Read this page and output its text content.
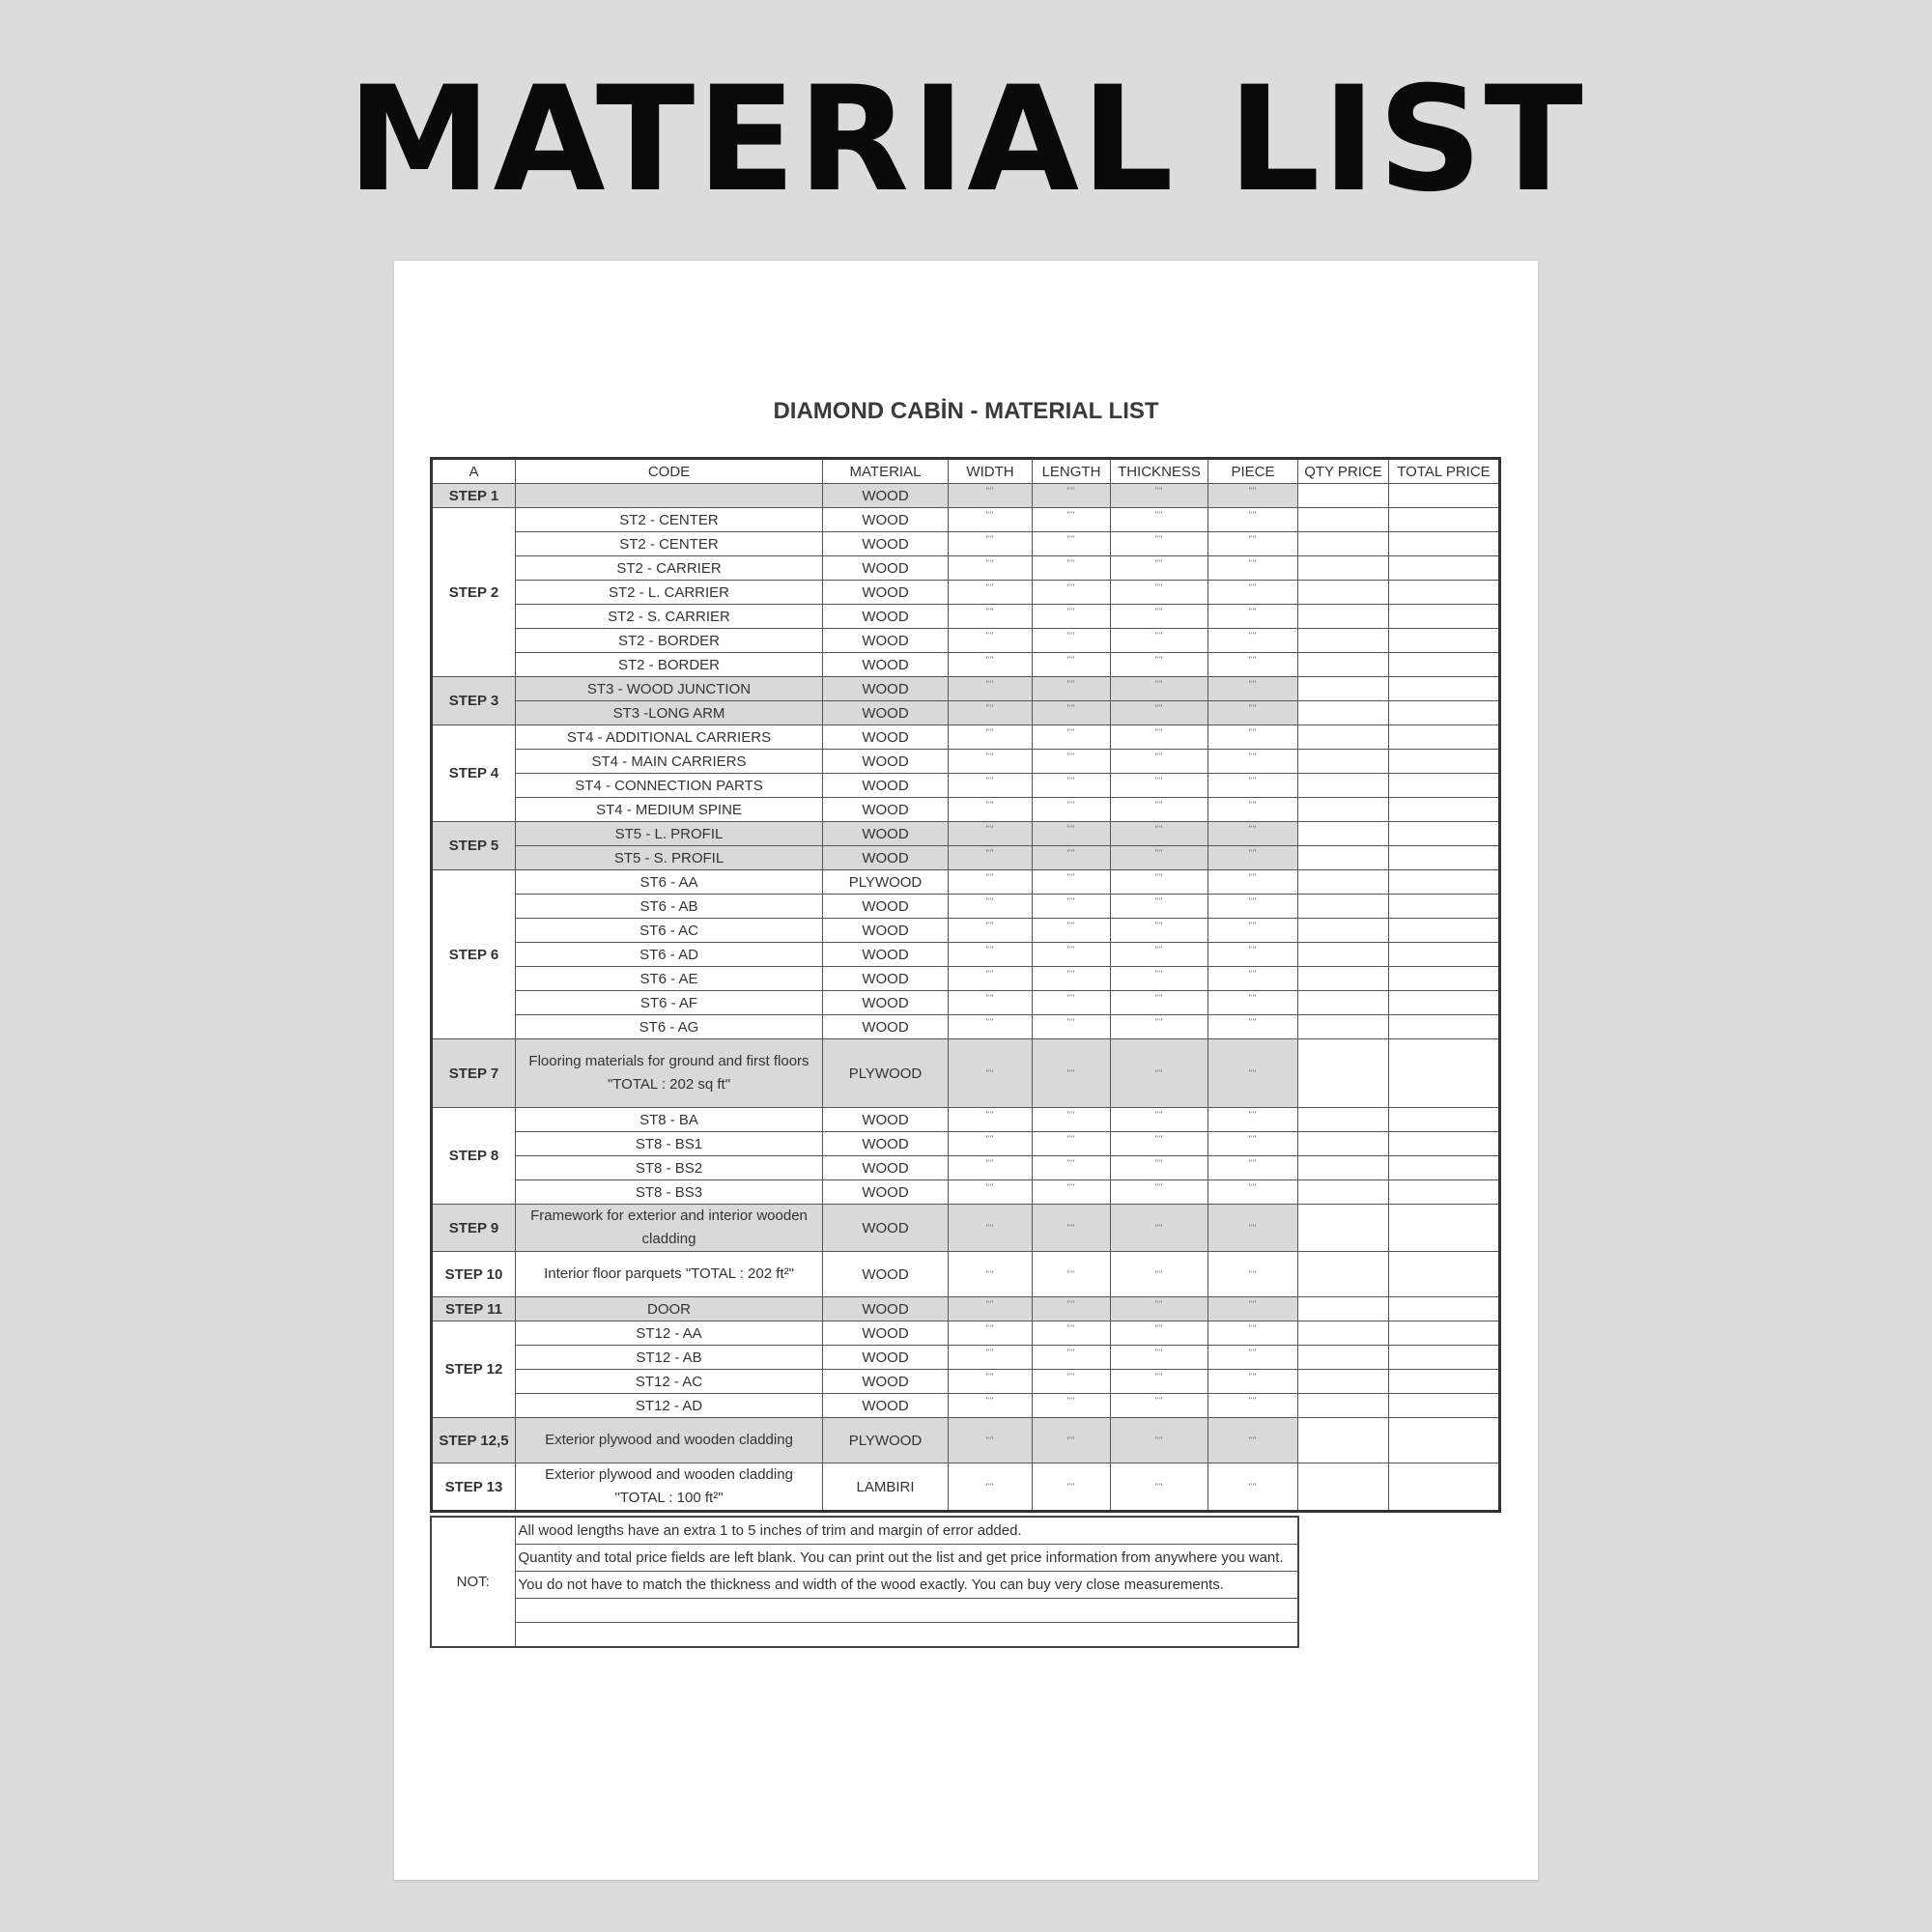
MATERIAL LIST
DIAMOND CABİN - MATERIAL LIST
A	CODE	MATERIAL	WIDTH	LENGTH	THICKNESS	PIECE	QTY PRICE	TOTAL PRICE
STEP 1		WOOD	""	""	""	""		
STEP 2	ST2 - CENTER	WOOD	""	""	""	""		
	ST2 - CENTER	WOOD	""	""	""	""		
	ST2 - CARRIER	WOOD	""	""	""	""		
	ST2 - L. CARRIER	WOOD	""	""	""	""		
	ST2 - S. CARRIER	WOOD	""	""	""	""		
	ST2 - BORDER	WOOD	""	""	""	""		
	ST2 - BORDER	WOOD	""	""	""	""		
STEP 3	ST3 - WOOD JUNCTION	WOOD	""	""	""	""		
	ST3 -LONG ARM	WOOD	""	""	""	""		
STEP 4	ST4 - ADDITIONAL CARRIERS	WOOD	""	""	""	""		
	ST4 - MAIN CARRIERS	WOOD	""	""	""	""		
	ST4 - CONNECTION PARTS	WOOD	""	""	""	""		
	ST4 - MEDIUM SPINE	WOOD	""	""	""	""		
STEP 5	ST5 - L. PROFIL	WOOD	""	""	""	""		
	ST5 - S. PROFIL	WOOD	""	""	""	""		
STEP 6	ST6 - AA	PLYWOOD	""	""	""	""		
	ST6 - AB	WOOD	""	""	""	""		
	ST6 - AC	WOOD	""	""	""	""		
	ST6 - AD	WOOD	""	""	""	""		
	ST6 - AE	WOOD	""	""	""	""		
	ST6 - AF	WOOD	""	""	""	""		
	ST6 - AG	WOOD	""	""	""	""		
STEP 7	Flooring materials for ground and first floors "TOTAL : 202 sq ft"	PLYWOOD	""	""	""	""		
STEP 8	ST8 - BA	WOOD	""	""	""	""		
	ST8 - BS1	WOOD	""	""	""	""		
	ST8 - BS2	WOOD	""	""	""	""		
	ST8 - BS3	WOOD	""	""	""	""		
STEP 9	Framework for exterior and interior wooden cladding	WOOD	""	""	""	""		
STEP 10	Interior floor parquets "TOTAL : 202 ft²"	WOOD	""	""	""	""		
STEP 11	DOOR	WOOD	""	""	""	""		
STEP 12	ST12 - AA	WOOD	""	""	""	""		
	ST12 - AB	WOOD	""	""	""	""		
	ST12 - AC	WOOD	""	""	""	""		
	ST12 - AD	WOOD	""	""	""	""		
STEP 12,5	Exterior plywood and wooden cladding	PLYWOOD	""	""	""	""		
STEP 13	Exterior plywood and wooden cladding "TOTAL : 100 ft²"	LAMBIRI	""	""	""	""		
NOT:	All wood lengths have an extra 1 to 5 inches of trim and margin of error added.
Quantity and total price fields are left blank. You can print out the list and get price information from anywhere you want.
You do not have to match the thickness and width of the wood exactly. You can buy very close measurements.
